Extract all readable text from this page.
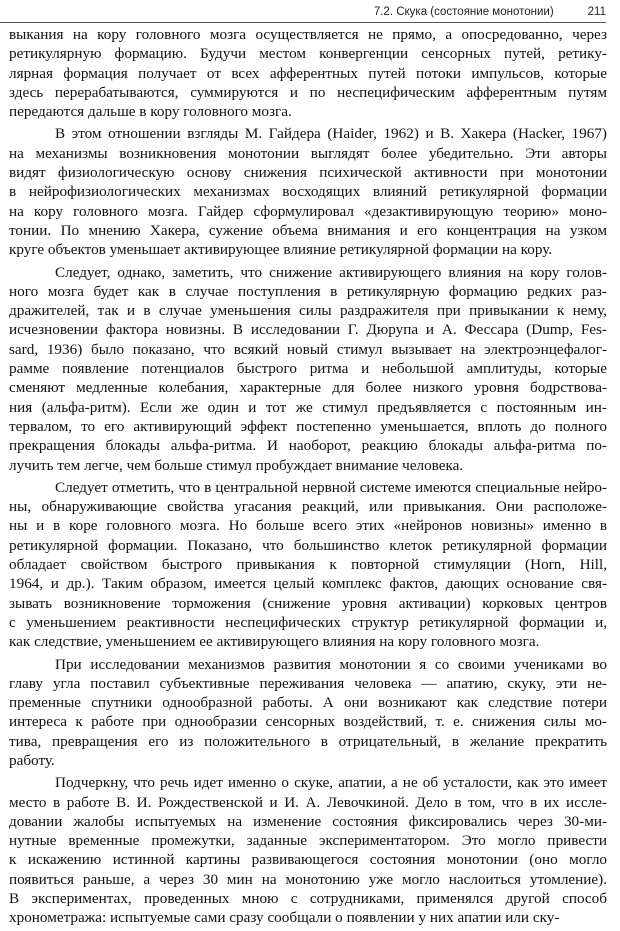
7.2. Скука (состояние монотонии)	211
выкания на кору головного мозга осуществляется не прямо, а опосредованно, через
ретикулярную формацию. Будучи местом конвергенции сенсорных путей, ретику-
лярная формация получает от всех афферентных путей потоки импульсов, которые
здесь перерабатываются, суммируются и по неспецифическим афферентным путям
передаются дальше в кору головного мозга.
В этом отношении взгляды М. Гайдера (Haider, 1962) и В. Хакера (Hacker, 1967)
на механизмы возникновения монотонии выглядят более убедительно. Эти авторы
видят физиологическую основу снижения психической активности при монотонии
в нейрофизиологических механизмах восходящих влияний ретикулярной формации
на кору головного мозга. Гайдер сформулировал «дезактивирующую теорию» моно-
тонии. По мнению Хакера, сужение объема внимания и его концентрация на узком
круге объектов уменьшает активирующее влияние ретикулярной формации на кору.
Следует, однако, заметить, что снижение активирующего влияния на кору голов-
ного мозга будет как в случае поступления в ретикулярную формацию редких раз-
дражителей, так и в случае уменьшения силы раздражителя при привыкании к нему,
исчезновении фактора новизны. В исследовании Г. Дюрупа и А. Фессара (Dump, Fes-
sard, 1936) было показано, что всякий новый стимул вызывает на электроэнцефалог-
рамме появление потенциалов быстрого ритма и небольшой амплитуды, которые
сменяют медленные колебания, характерные для более низкого уровня бодрствова-
ния (альфа-ритм). Если же один и тот же стимул предъявляется с постоянным ин-
тервалом, то его активирующий эффект постепенно уменьшается, вплоть до полного
прекращения блокады альфа-ритма. И наоборот, реакцию блокады альфа-ритма по-
лучить тем легче, чем больше стимул пробуждает внимание человека.
Следует отметить, что в центральной нервной системе имеются специальные нейро-
ны, обнаруживающие свойства угасания реакций, или привыкания. Они расположе-
ны и в коре головного мозга. Но больше всего этих «нейронов новизны» именно в
ретикулярной формации. Показано, что большинство клеток ретикулярной формации
обладает свойством быстрого привыкания к повторной стимуляции (Horn, Hill,
1964, и др.). Таким образом, имеется целый комплекс фактов, дающих основание свя-
зывать возникновение торможения (снижение уровня активации) корковых центров
с уменьшением реактивности неспецифических структур ретикулярной формации и,
как следствие, уменьшением ее активирующего влияния на кору головного мозга.
При исследовании механизмов развития монотонии я со своими учениками во
главу угла поставил субъективные переживания человека — апатию, скуку, эти не-
пременные спутники однообразной работы. А они возникают как следствие потери
интереса к работе при однообразии сенсорных воздействий, т. е. снижения силы мо-
тива, превращения его из положительного в отрицательный, в желание прекратить
работу.
Подчеркну, что речь идет именно о скуке, апатии, а не об усталости, как это имеет
место в работе В. И. Рождественской и И. А. Левочкиной. Дело в том, что в их иссле-
довании жалобы испытуемых на изменение состояния фиксировались через 30-ми-
нутные временные промежутки, заданные экспериментатором. Это могло привести
к искажению истинной картины развивающегося состояния монотонии (оно могло
появиться раньше, а через 30 мин на монотонию уже могло наслоиться утомление).
В экспериментах, проведенных мною с сотрудниками, применялся другой способ
хронометража: испытуемые сами сразу сообщали о появлении у них апатии или ску-
